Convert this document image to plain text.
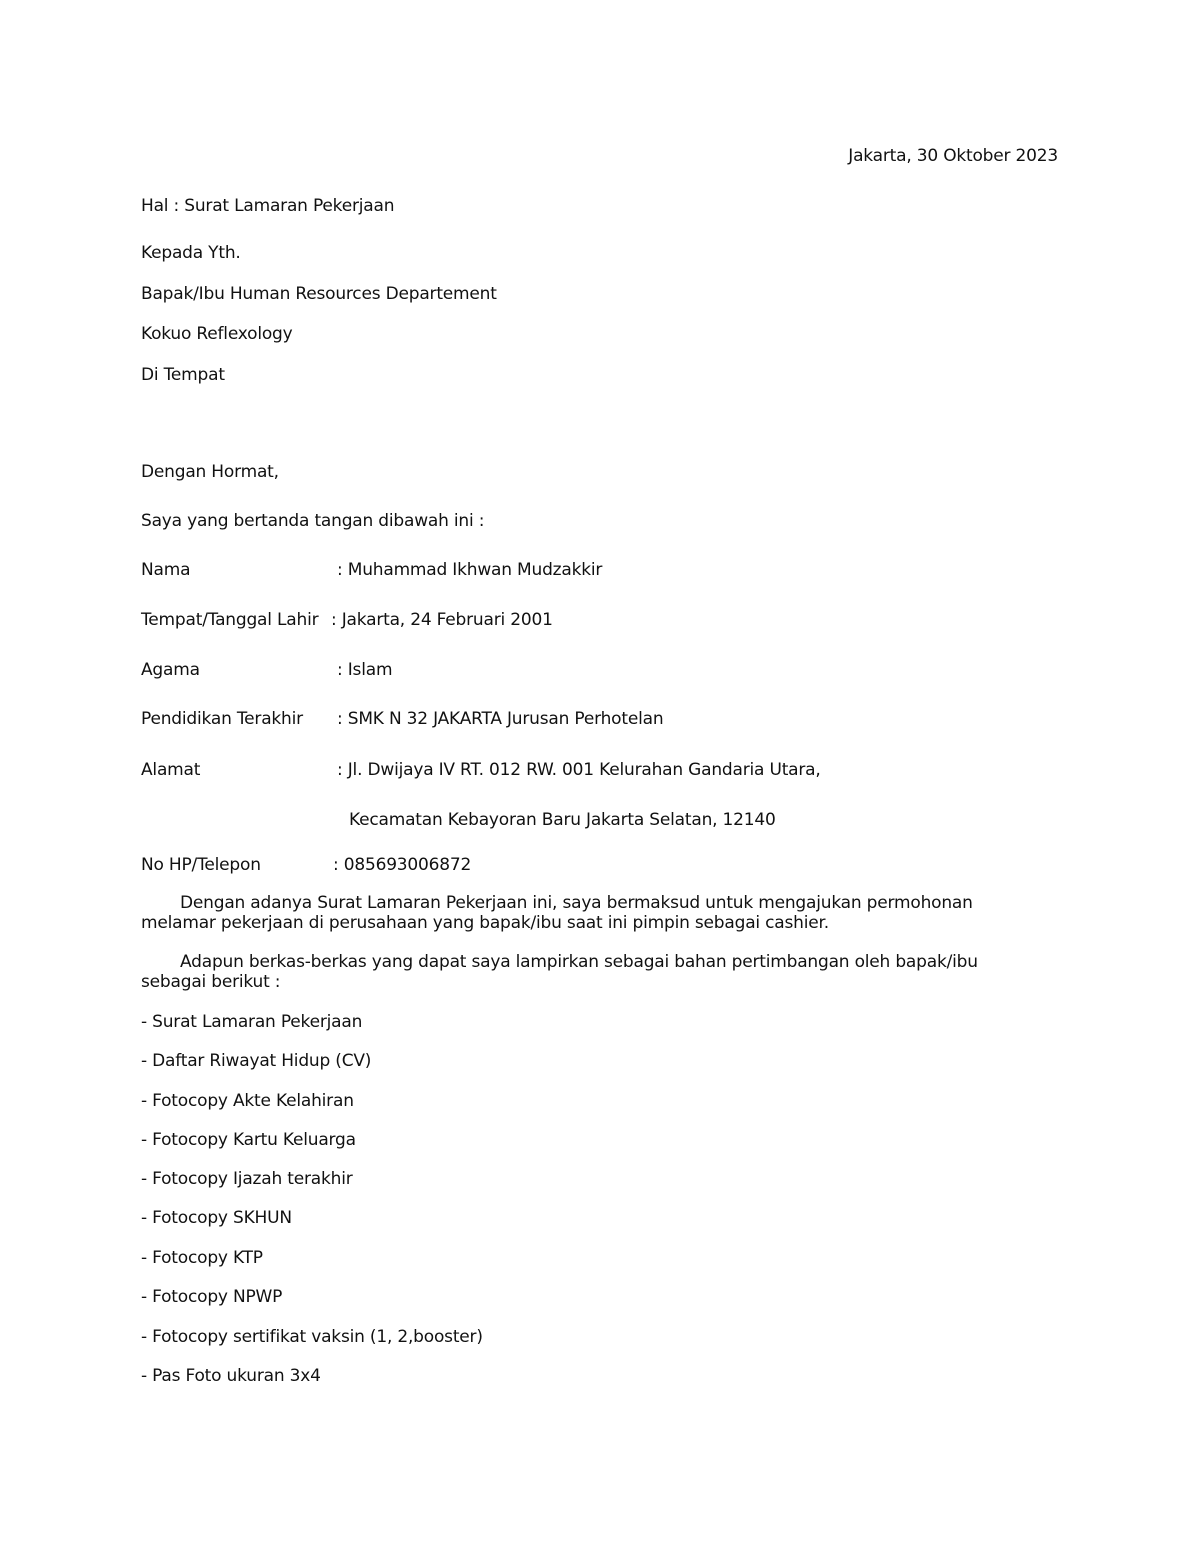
Jakarta, 30 Oktober 2023
Hal : Surat Lamaran Pekerjaan
Kepada Yth.
Bapak/Ibu Human Resources Departement
Kokuo Reflexology
Di Tempat
Dengan Hormat,
Saya yang bertanda tangan dibawah ini :
Nama	: Muhammad Ikhwan Mudzakkir
Tempat/Tanggal Lahir : Jakarta, 24 Februari 2001
Agama	: Islam
Pendidikan Terakhir : SMK N 32 JAKARTA Jurusan Perhotelan
Alamat	: Jl. Dwijaya IV RT. 012 RW. 001 Kelurahan Gandaria Utara,
Kecamatan Kebayoran Baru Jakarta Selatan, 12140
No HP/Telepon	: 085693006872
Dengan adanya Surat Lamaran Pekerjaan ini, saya bermaksud untuk mengajukan permohonan melamar pekerjaan di perusahaan yang bapak/ibu saat ini pimpin sebagai cashier.
Adapun berkas-berkas yang dapat saya lampirkan sebagai bahan pertimbangan oleh bapak/ibu sebagai berikut :
- Surat Lamaran Pekerjaan
- Daftar Riwayat Hidup (CV)
- Fotocopy Akte Kelahiran
- Fotocopy Kartu Keluarga
- Fotocopy Ijazah terakhir
- Fotocopy SKHUN
- Fotocopy KTP
- Fotocopy NPWP
- Fotocopy sertifikat vaksin (1, 2,booster)
- Pas Foto ukuran 3x4
